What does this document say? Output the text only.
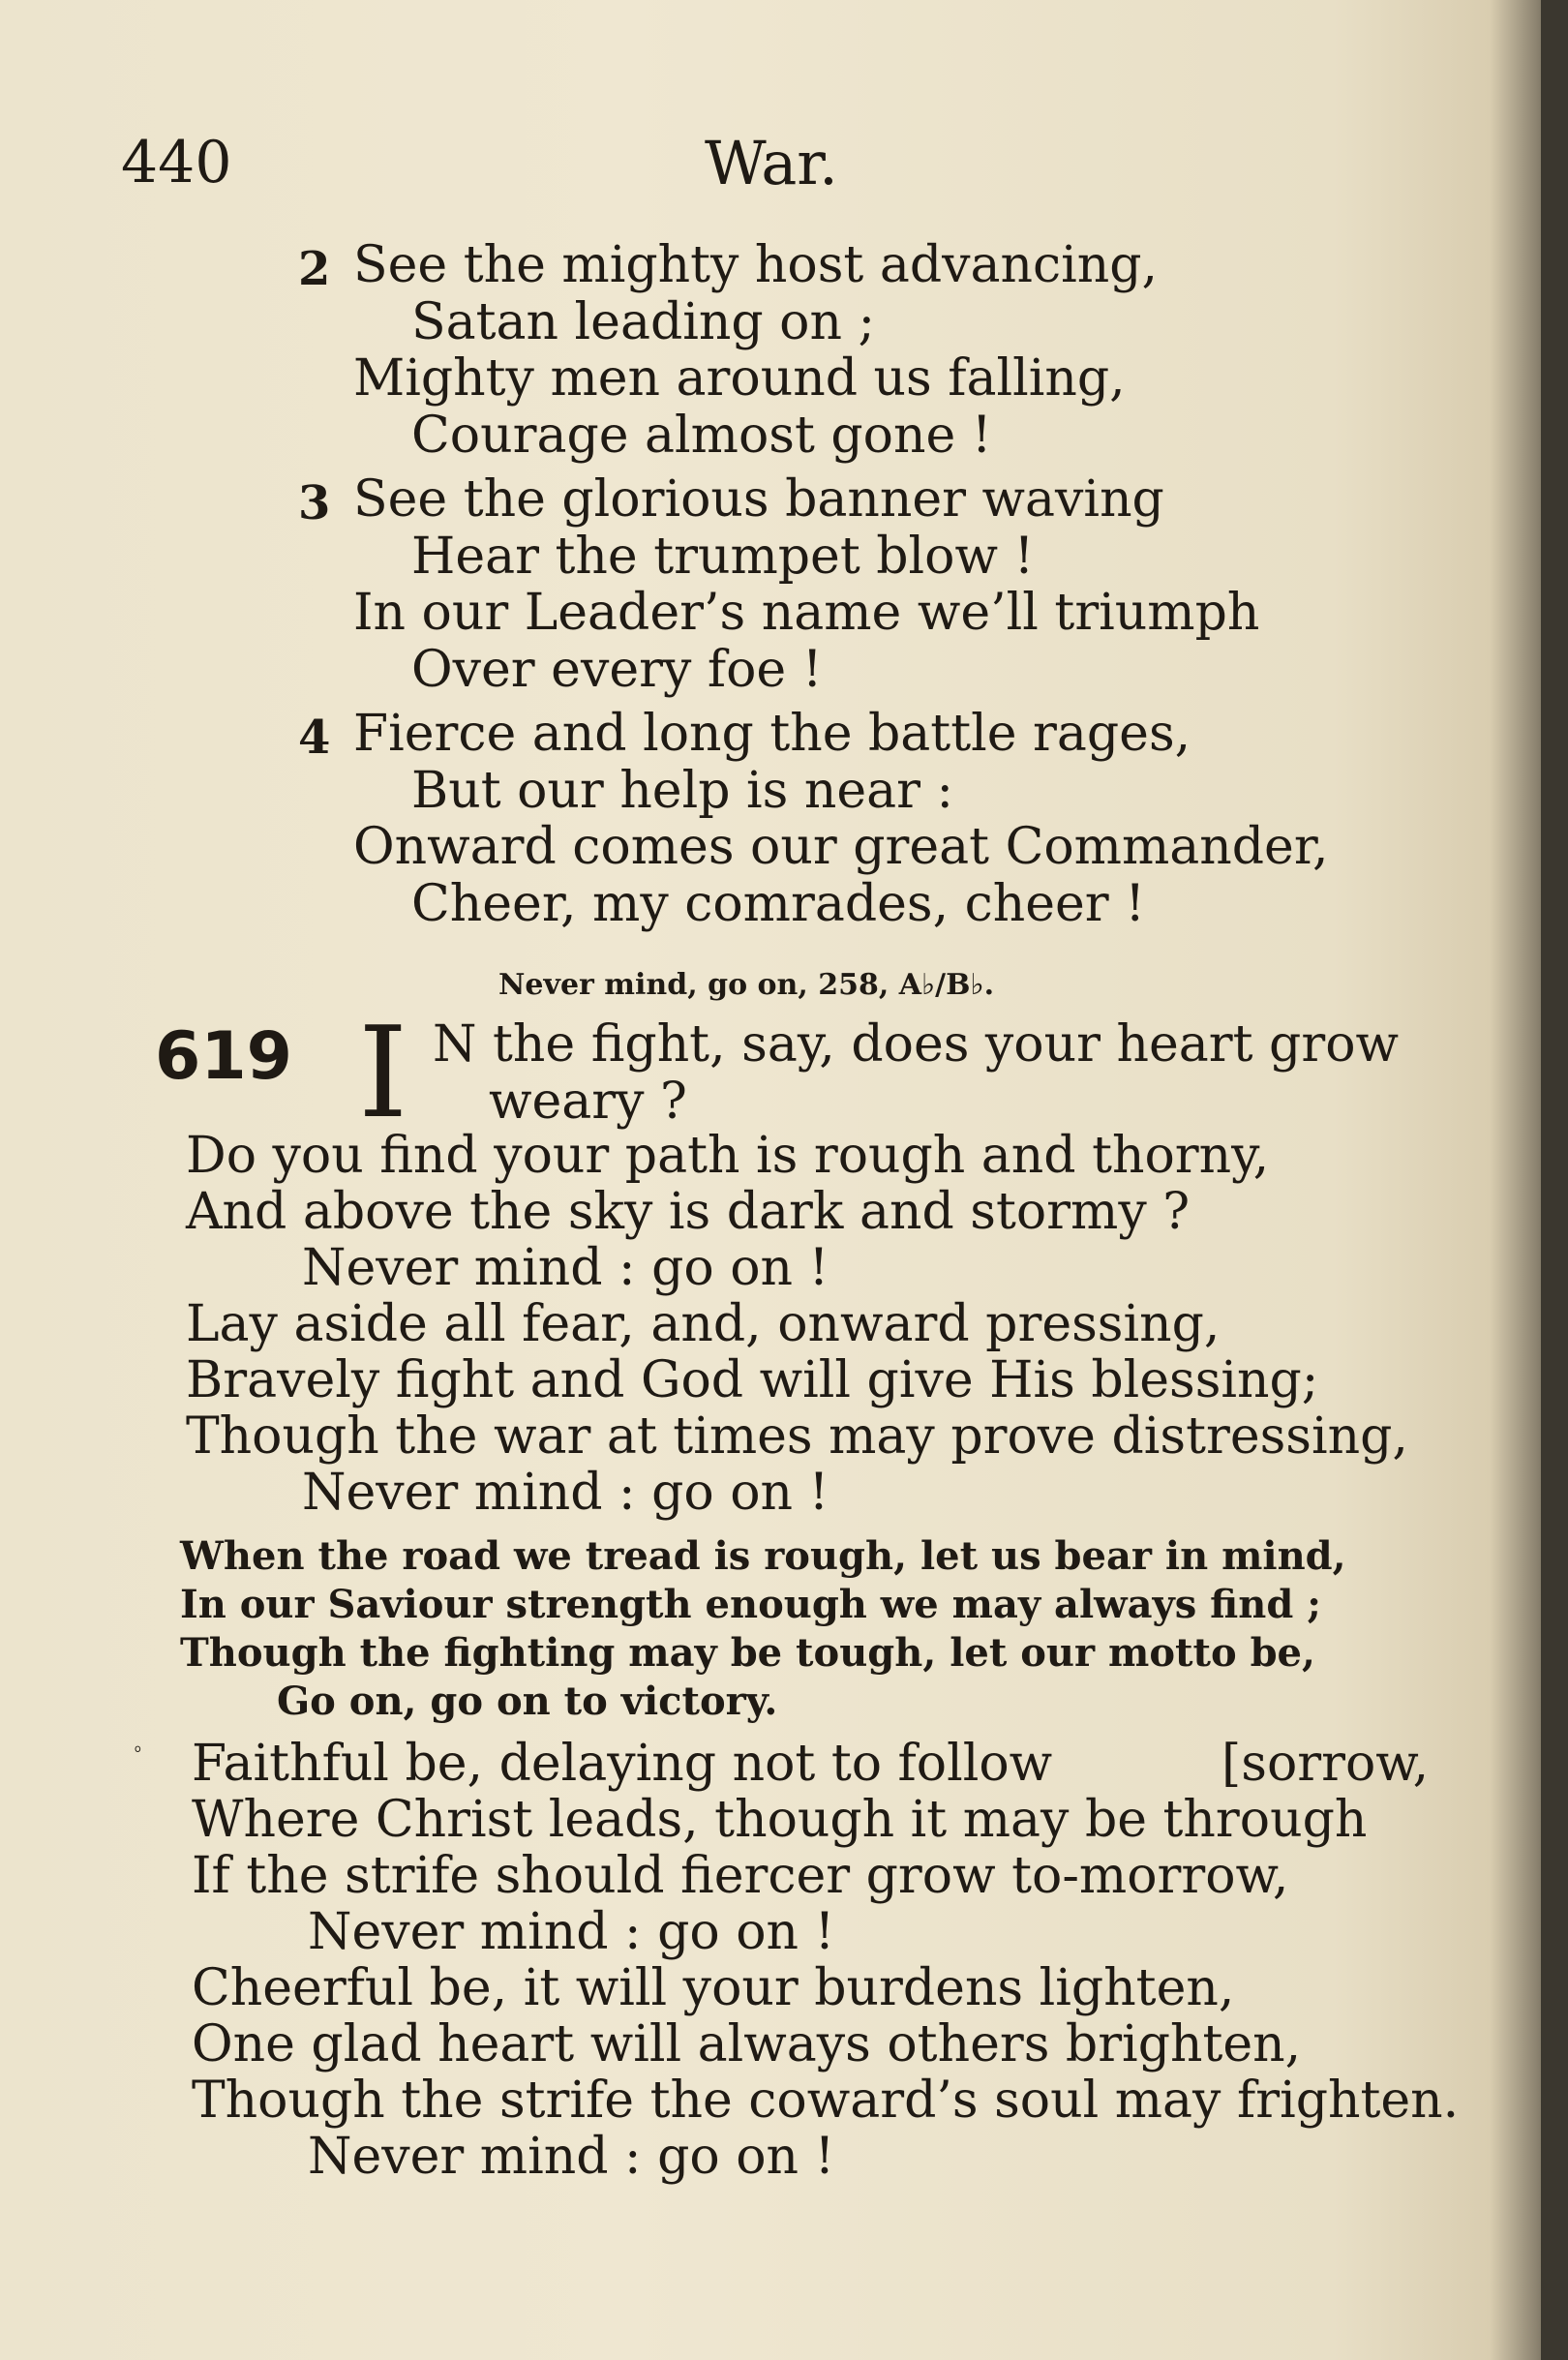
440	War.
2 See the mighty host advancing,
Satan leading on ;
Mighty men around us falling,
Courage almost gone !
3 See the glorious banner waving
Hear the trumpet blow !
In our Leader’s name we’ll triumph
Over every foe !
4 Fierce and long the battle rages,
But our help is near :
Onward comes our great Commander,
Cheer, my comrades, cheer !
Never mind, go on, 258, A♭/B♭.
619 I N the fight, say, does your heart grow
weary ?
Do you find your path is rough and thorny,
And above the sky is dark and stormy ?
Never mind : go on !
Lay aside all fear, and, onward pressing,
Bravely fight and God will give His blessing;
Though the war at times may prove distressing,
Never mind : go on !
When the road we tread is rough, let us bear in mind,
In our Saviour strength enough we may always find ;
Though the fighting may be tough, let our motto be,
Go on, go on to victory.
ﾟ Faithful be, delaying not to follow	[sorrow,
Where Christ leads, though it may be through
If the strife should fiercer grow to-morrow,
Never mind : go on !
Cheerful be, it will your burdens lighten,
One glad heart will always others brighten,
Though the strife the coward’s soul may frighten.
Never mind : go on !
